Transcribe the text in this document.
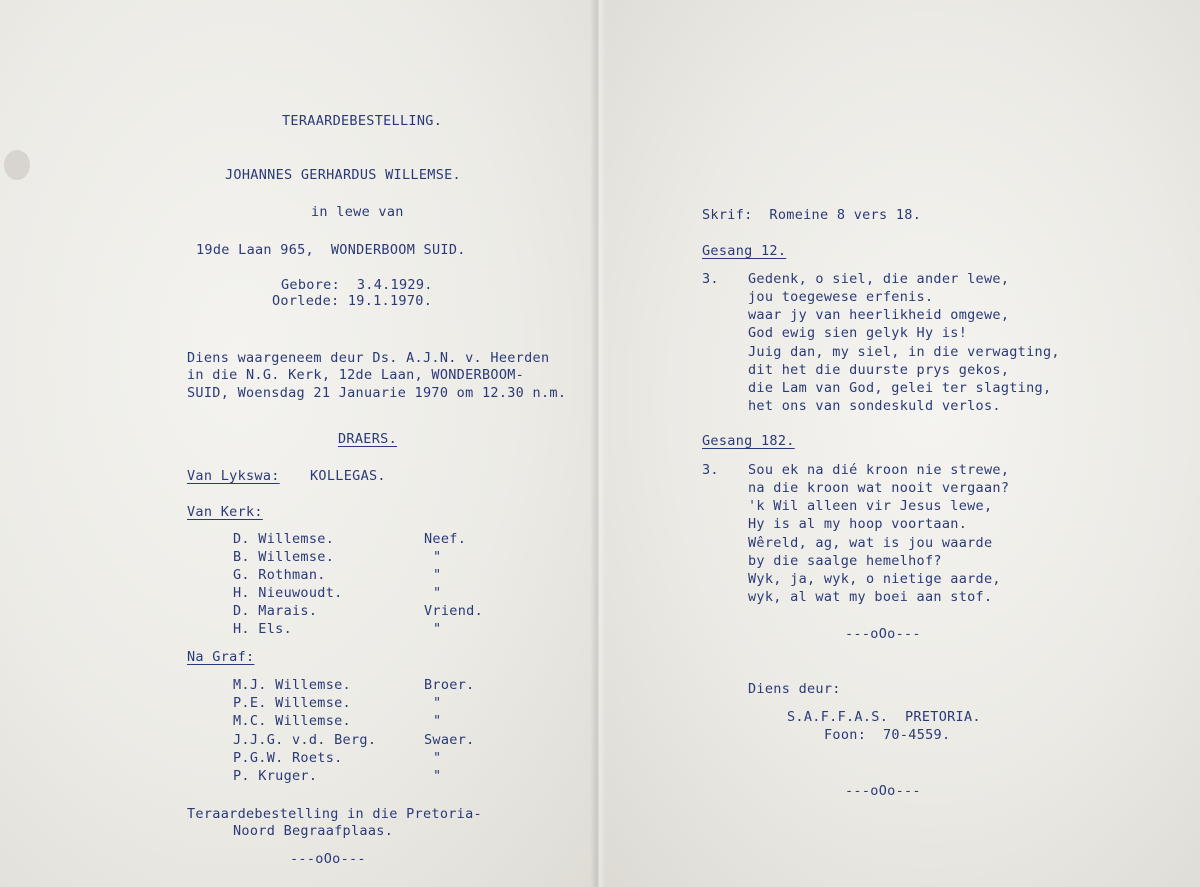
TERAARDEBESTELLING.
JOHANNES GERHARDUS WILLEMSE.
in lewe van
19de Laan 965,  WONDERBOOM SUID.
Gebore:  3.4.1929.
Oorlede: 19.1.1970.
Diens waargeneem deur Ds. A.J.N. v. Heerden
in die N.G. Kerk, 12de Laan, WONDERBOOM-
SUID, Woensdag 21 Januarie 1970 om 12.30 n.m.
DRAERS.
Van Lykswa: KOLLEGAS.
Van Kerk:
D. Willemse.	Neef.
B. Willemse.	"
G. Rothman.	"
H. Nieuwoudt.	"
D. Marais.	Vriend.
H. Els.	"
Na Graf:
M.J. Willemse.	Broer.
P.E. Willemse.	"
M.C. Willemse.	"
J.J.G. v.d. Berg.	Swaer.
P.G.W. Roets.	"
P. Kruger.	"
Teraardebestelling in die Pretoria-
Noord Begraafplaas.
---oOo---
Skrif:  Romeine 8 vers 18.
Gesang 12.
3. Gedenk, o siel, die ander lewe,
jou toegewese erfenis.
waar jy van heerlikheid omgewe,
God ewig sien gelyk Hy is!
Juig dan, my siel, in die verwagting,
dit het die duurste prys gekos,
die Lam van God, gelei ter slagting,
het ons van sondeskuld verlos.
Gesang 182.
3. Sou ek na dié kroon nie strewe,
na die kroon wat nooit vergaan?
'k Wil alleen vir Jesus lewe,
Hy is al my hoop voortaan.
Wêreld, ag, wat is jou waarde
by die saalge hemelhof?
Wyk, ja, wyk, o nietige aarde,
wyk, al wat my boei aan stof.
---oOo---
Diens deur:
S.A.F.F.A.S.  PRETORIA.
Foon:  70-4559.
---oOo---
